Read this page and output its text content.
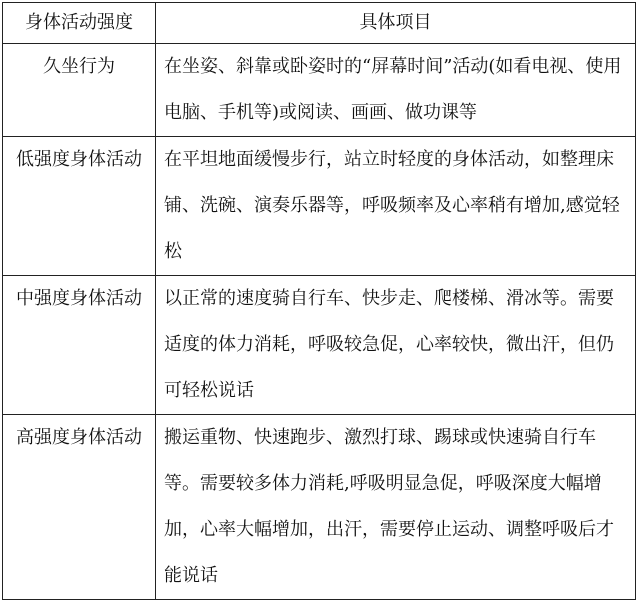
身体活动强度	具体项目
久坐行为	在坐姿、斜靠或卧姿时的“屏幕时间”活动(如看电视、使用电脑、手机等)或阅读、画画、做功课等
低强度身体活动	在平坦地面缓慢步行，站立时轻度的身体活动，如整理床铺、洗碗、演奏乐器等，呼吸频率及心率稍有增加,感觉轻松
中强度身体活动	以正常的速度骑自行车、快步走、爬楼梯、滑冰等。需要适度的体力消耗，呼吸较急促，心率较快，微出汗，但仍可轻松说话
高强度身体活动	搬运重物、快速跑步、激烈打球、踢球或快速骑自行车等。需要较多体力消耗,呼吸明显急促，呼吸深度大幅增加，心率大幅增加，出汗，需要停止运动、调整呼吸后才能说话
